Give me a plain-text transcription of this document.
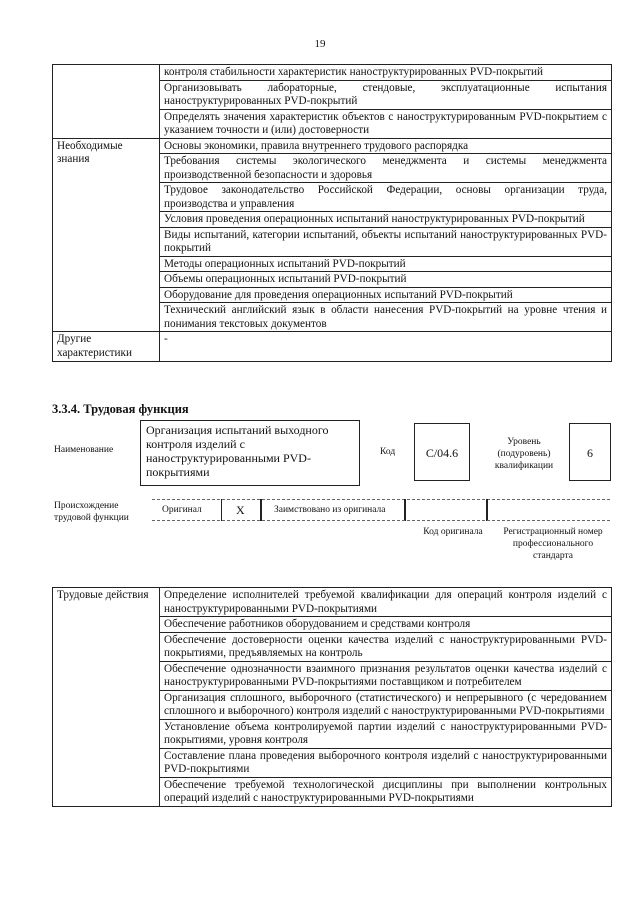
19
	контроля стабильности характеристик наноструктурированных PVD-покрытий
	Организовывать лабораторные, стендовые, эксплуатационные испытания наноструктурированных PVD-покрытий
	Определять значения характеристик объектов с наноструктурированным PVD-покрытием с указанием точности и (или) достоверности
Необходимые знания	Основы экономики, правила внутреннего трудового распорядка
	Требования системы экологического менеджмента и системы менеджмента производственной безопасности и здоровья
	Трудовое законодательство Российской Федерации, основы организации труда, производства и управления
	Условия проведения операционных испытаний наноструктурированных PVD-покрытий
	Виды испытаний, категории испытаний, объекты испытаний наноструктурированных PVD-покрытий
	Методы операционных испытаний PVD-покрытий
	Объемы операционных испытаний PVD-покрытий
	Оборудование для проведения операционных испытаний PVD-покрытий
	Технический английский язык в области нанесения PVD-покрытий на уровне чтения и понимания текстовых документов
Другие характеристики	-
3.3.4. Трудовая функция
Наименование
Организация испытаний выходного контроля изделий с наноструктурированными PVD-покрытиями
Код	С/04.6
Уровень (подуровень) квалификации
6
Происхождение трудовой функции
Оригинал	X	Заимствовано из оригинала
Код оригинала	Регистрационный номер профессионального стандарта
Трудовые действия	Определение исполнителей требуемой квалификации для операций контроля изделий с наноструктурированными PVD-покрытиями
Обеспечение работников оборудованием и средствами контроля
Обеспечение достоверности оценки качества изделий с наноструктурированными PVD-покрытиями, предъявляемых на контроль
Обеспечение однозначности взаимного признания результатов оценки качества изделий с наноструктурированными PVD-покрытиями поставщиком и потребителем
Организация сплошного, выборочного (статистического) и непрерывного (с чередованием сплошного и выборочного) контроля изделий с наноструктурированными PVD-покрытиями
Установление объема контролируемой партии изделий с наноструктурированными PVD-покрытиями, уровня контроля
Составление плана проведения выборочного контроля изделий с наноструктурированными PVD-покрытиями
Обеспечение требуемой технологической дисциплины при выполнении контрольных операций изделий с наноструктурированными PVD-покрытиями
